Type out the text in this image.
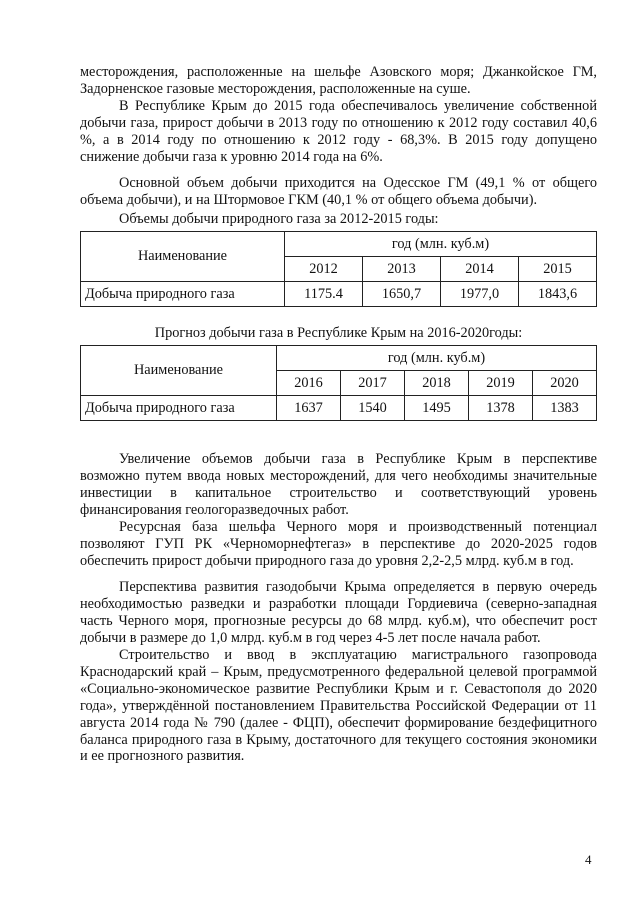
месторождения, расположенные на шельфе Азовского моря; Джанкойское ГМ, Задорненское газовые месторождения, расположенные на суше.

В Республике Крым до 2015 года обеспечивалось увеличение собственной добычи газа, прирост добычи в 2013 году по отношению к 2012 году составил 40,6 %, а в 2014 году по отношению к 2012 году - 68,3%. В 2015 году допущено снижение добычи газа к уровню 2014 года на 6%.

Основной объем добычи приходится на Одесское ГМ (49,1 % от общего объема добычи), и на Штормовое ГКМ (40,1 % от общего объема добычи).

Объемы добычи природного газа за 2012-2015 годы:

Наименование	год (млн. куб.м)			
	2012	2013	2014	2015
Добыча природного газа	1175.4	1650,7	1977,0	1843,6

Прогноз добычи газа в Республике Крым на 2016-2020годы:

Наименование	год (млн. куб.м)				
	2016	2017	2018	2019	2020
Добыча природного газа	1637	1540	1495	1378	1383

Увеличение объемов добычи газа в Республике Крым в перспективе возможно путем ввода новых месторождений, для чего необходимы значительные инвестиции в капитальное строительство и соответствующий уровень финансирования геологоразведочных работ.

Ресурсная база шельфа Черного моря и производственный потенциал позволяют ГУП РК «Черноморнефтегаз» в перспективе до 2020-2025 годов обеспечить прирост добычи природного газа до уровня 2,2-2,5 млрд. куб.м в год.

Перспектива развития газодобычи Крыма определяется в первую очередь необходимостью разведки и разработки площади Гордиевича (северно-западная часть Черного моря, прогнозные ресурсы до 68 млрд. куб.м), что обеспечит рост добычи в размере до 1,0 млрд. куб.м в год через 4-5 лет после начала работ.

Строительство и ввод в эксплуатацию магистрального газопровода Краснодарский край – Крым, предусмотренного федеральной целевой программой «Социально-экономическое развитие Республики Крым и г. Севастополя до 2020 года», утверждённой постановлением Правительства Российской Федерации от 11 августа 2014 года № 790 (далее - ФЦП), обеспечит формирование бездефицитного баланса природного газа в Крыму, достаточного для текущего состояния экономики и ее прогнозного развития.

4
